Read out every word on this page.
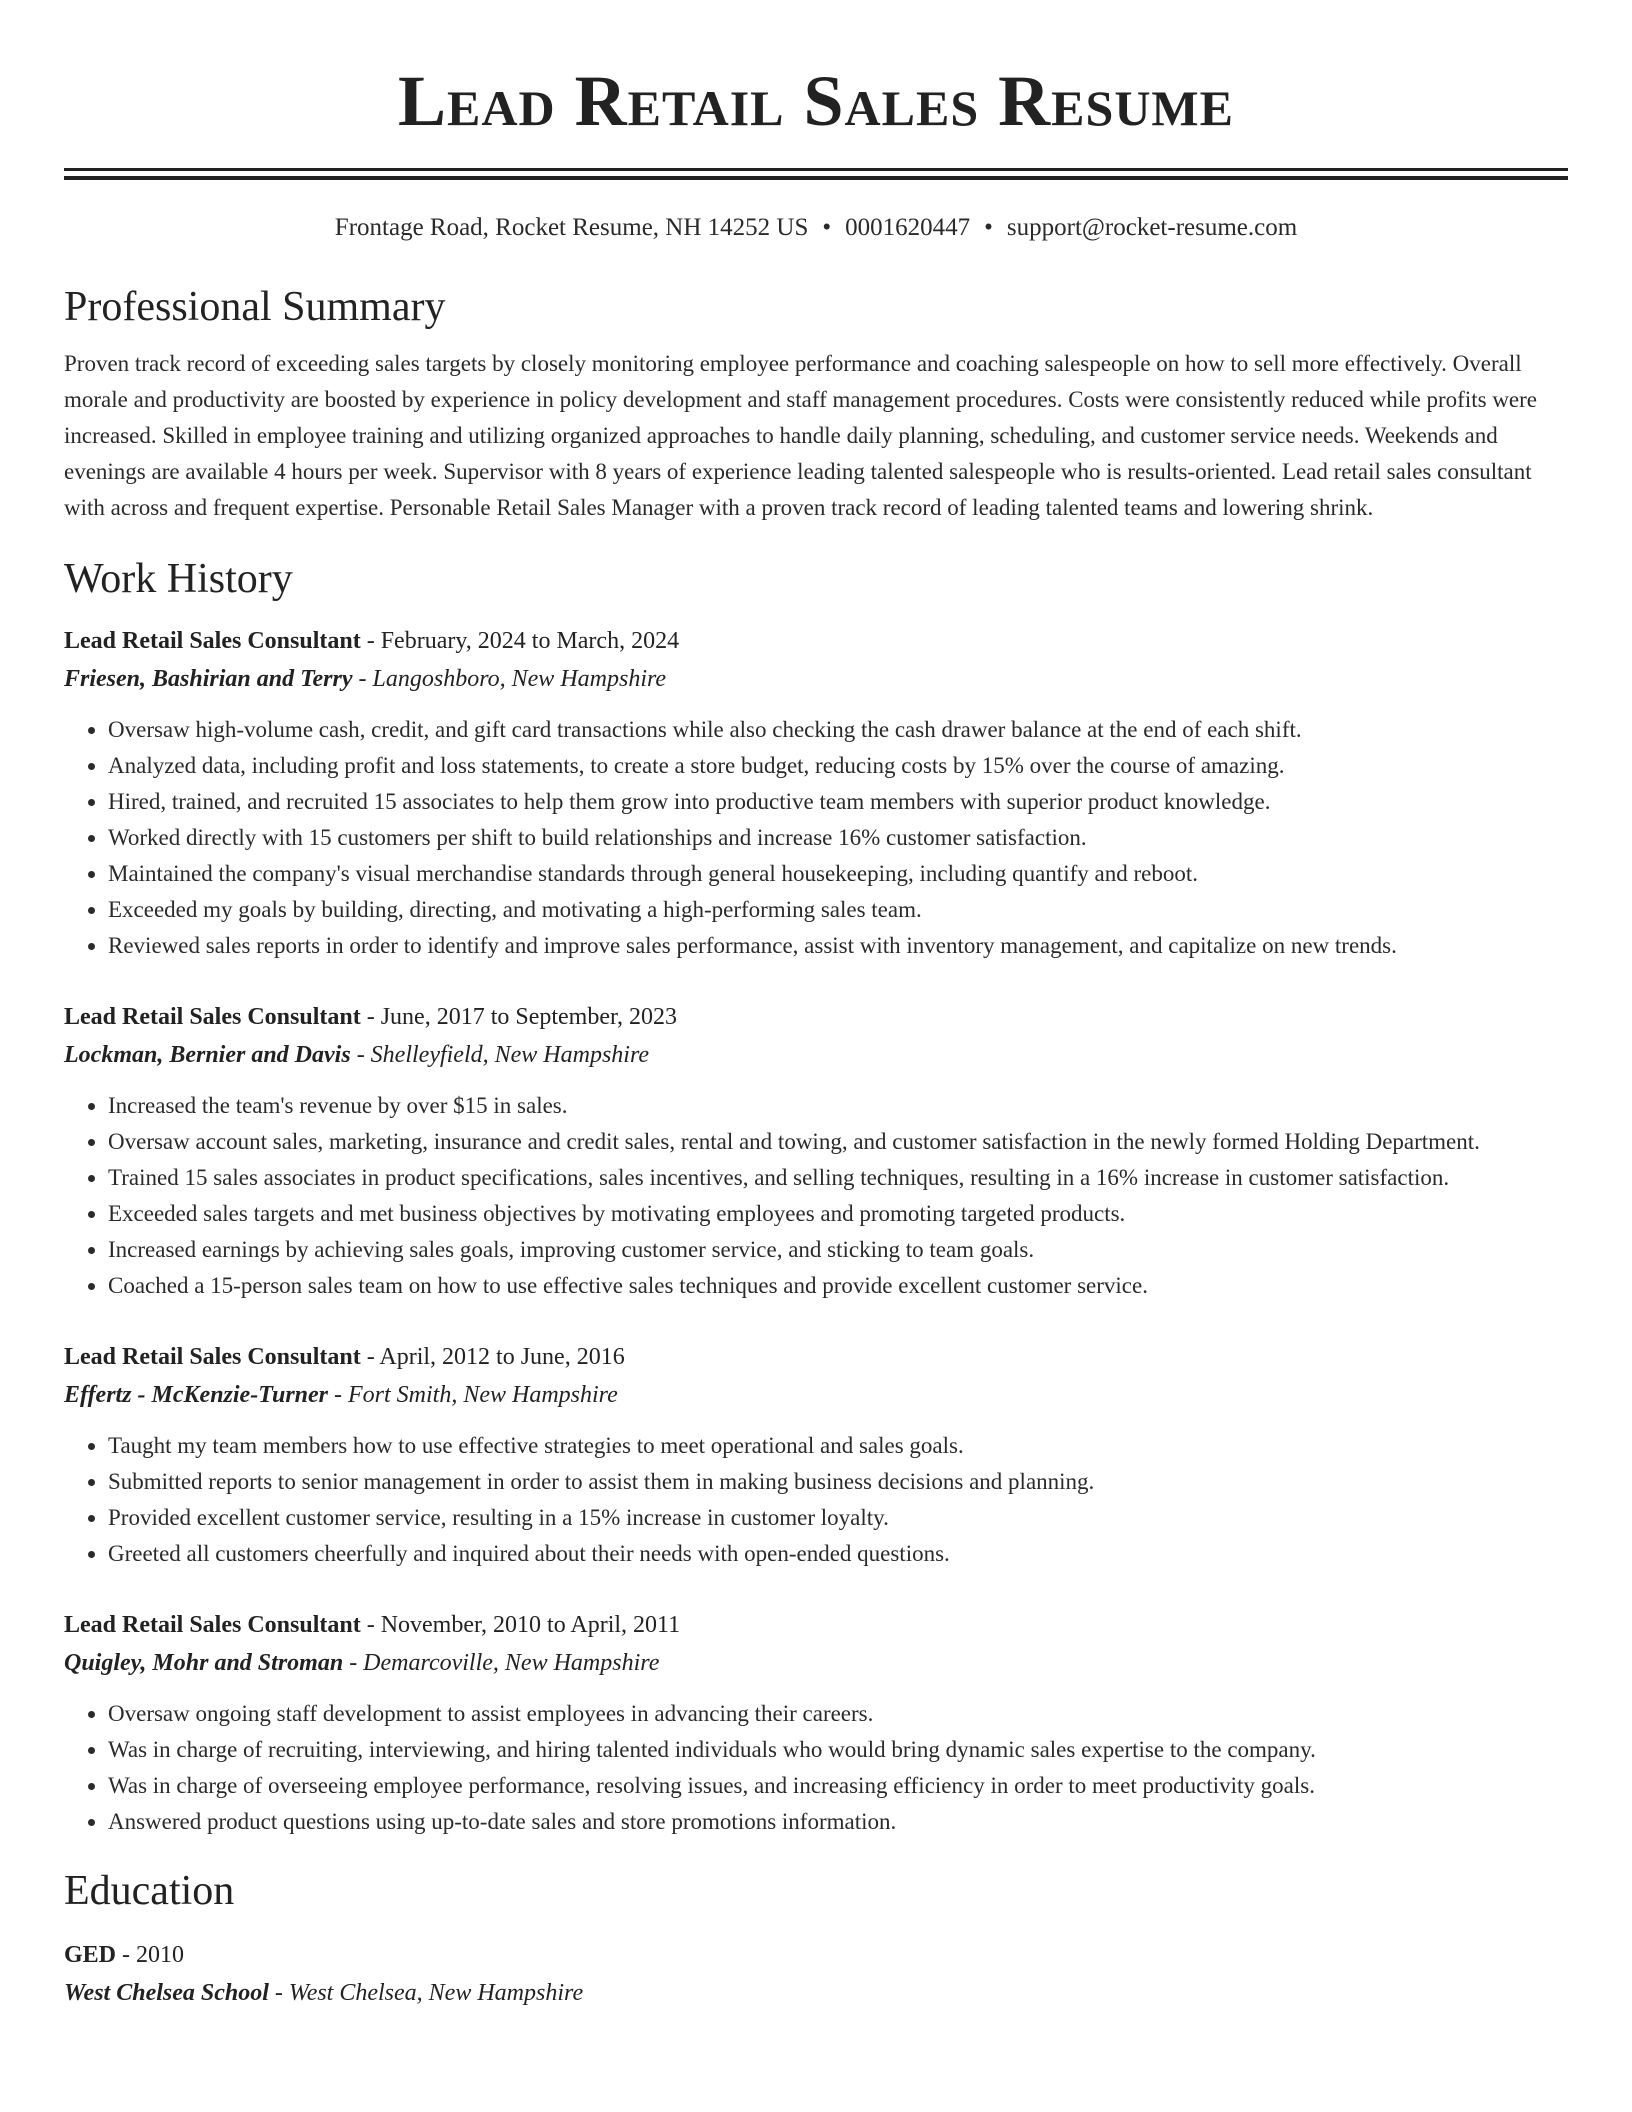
Lead Retail Sales Resume
Frontage Road, Rocket Resume, NH 14252 US • 0001620447 • support@rocket-resume.com
Professional Summary

Proven track record of exceeding sales targets by closely monitoring employee performance and coaching salespeople on how to sell more effectively. Overall morale and productivity are boosted by experience in policy development and staff management procedures. Costs were consistently reduced while profits were increased. Skilled in employee training and utilizing organized approaches to handle daily planning, scheduling, and customer service needs. Weekends and evenings are available 4 hours per week. Supervisor with 8 years of experience leading talented salespeople who is results-oriented. Lead retail sales consultant with across and frequent expertise. Personable Retail Sales Manager with a proven track record of leading talented teams and lowering shrink.

Work History
Lead Retail Sales Consultant - February, 2024 to March, 2024
Friesen, Bashirian and Terry - Langoshboro, New Hampshire
• Oversaw high-volume cash, credit, and gift card transactions while also checking the cash drawer balance at the end of each shift.
• Analyzed data, including profit and loss statements, to create a store budget, reducing costs by 15% over the course of amazing.
• Hired, trained, and recruited 15 associates to help them grow into productive team members with superior product knowledge.
• Worked directly with 15 customers per shift to build relationships and increase 16% customer satisfaction.
• Maintained the company's visual merchandise standards through general housekeeping, including quantify and reboot.
• Exceeded my goals by building, directing, and motivating a high-performing sales team.
• Reviewed sales reports in order to identify and improve sales performance, assist with inventory management, and capitalize on new trends.
Lead Retail Sales Consultant - June, 2017 to September, 2023
Lockman, Bernier and Davis - Shelleyfield, New Hampshire
• Increased the team's revenue by over $15 in sales.
• Oversaw account sales, marketing, insurance and credit sales, rental and towing, and customer satisfaction in the newly formed Holding Department.
• Trained 15 sales associates in product specifications, sales incentives, and selling techniques, resulting in a 16% increase in customer satisfaction.
• Exceeded sales targets and met business objectives by motivating employees and promoting targeted products.
• Increased earnings by achieving sales goals, improving customer service, and sticking to team goals.
• Coached a 15-person sales team on how to use effective sales techniques and provide excellent customer service.
Lead Retail Sales Consultant - April, 2012 to June, 2016
Effertz - McKenzie-Turner - Fort Smith, New Hampshire
• Taught my team members how to use effective strategies to meet operational and sales goals.
• Submitted reports to senior management in order to assist them in making business decisions and planning.
• Provided excellent customer service, resulting in a 15% increase in customer loyalty.
• Greeted all customers cheerfully and inquired about their needs with open-ended questions.
Lead Retail Sales Consultant - November, 2010 to April, 2011
Quigley, Mohr and Stroman - Demarcoville, New Hampshire
• Oversaw ongoing staff development to assist employees in advancing their careers.
• Was in charge of recruiting, interviewing, and hiring talented individuals who would bring dynamic sales expertise to the company.
• Was in charge of overseeing employee performance, resolving issues, and increasing efficiency in order to meet productivity goals.
• Answered product questions using up-to-date sales and store promotions information.
Education
GED - 2010
West Chelsea School - West Chelsea, New Hampshire
